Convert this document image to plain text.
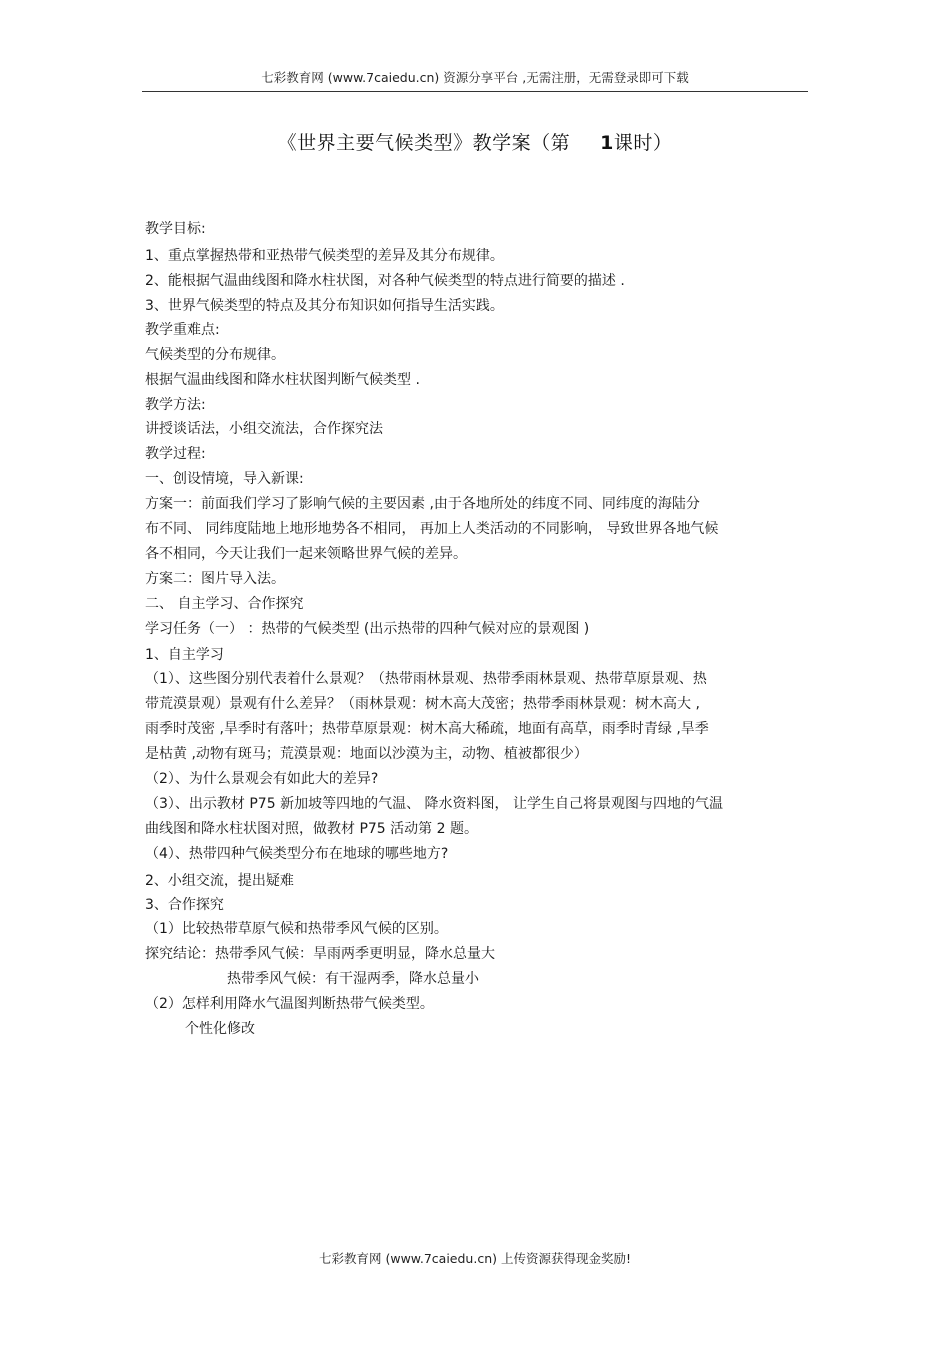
七彩教育网 (www.7caiedu.cn) 资源分享平台 ,无需注册，无需登录即可下载
《世界主要气候类型》教学案（第 1课时）
教学目标:
1、重点掌握热带和亚热带气候类型的差异及其分布规律。
2、能根据气温曲线图和降水柱状图，对各种气候类型的特点进行简要的描述 .
3、世界气候类型的特点及其分布知识如何指导生活实践。
教学重难点:
气候类型的分布规律。
根据气温曲线图和降水柱状图判断气候类型 .
教学方法:
讲授谈话法，小组交流法，合作探究法
教学过程:
一、创设情境，导入新课:
方案一：前面我们学习了影响气候的主要因素 ,由于各地所处的纬度不同、同纬度的海陆分
布不同、 同纬度陆地上地形地势各不相同， 再加上人类活动的不同影响， 导致世界各地气候
各不相同，今天让我们一起来领略世界气候的差异。
方案二：图片导入法。
二、 自主学习、合作探究
学习任务（一） ：热带的气候类型 (出示热带的四种气候对应的景观图 )
1、自主学习
（1）、这些图分别代表着什么景观？（热带雨林景观、热带季雨林景观、热带草原景观、热
带荒漠景观）景观有什么差异？（雨林景观：树木高大茂密；热带季雨林景观：树木高大 ,
雨季时茂密 ,旱季时有落叶；热带草原景观：树木高大稀疏，地面有高草，雨季时青绿 ,旱季
是枯黄 ,动物有斑马；荒漠景观：地面以沙漠为主，动物、植被都很少）
（2）、为什么景观会有如此大的差异?
（3）、出示教材 P75 新加坡等四地的气温、 降水资料图， 让学生自己将景观图与四地的气温
曲线图和降水柱状图对照，做教材 P75 活动第 2 题。
（4）、热带四种气候类型分布在地球的哪些地方?
2、小组交流，提出疑难
3、合作探究
（1）比较热带草原气候和热带季风气候的区别。
探究结论：热带季风气候：旱雨两季更明显，降水总量大
热带季风气候：有干湿两季，降水总量小
（2）怎样利用降水气温图判断热带气候类型。
个性化修改
七彩教育网 (www.7caiedu.cn) 上传资源获得现金奖励!
